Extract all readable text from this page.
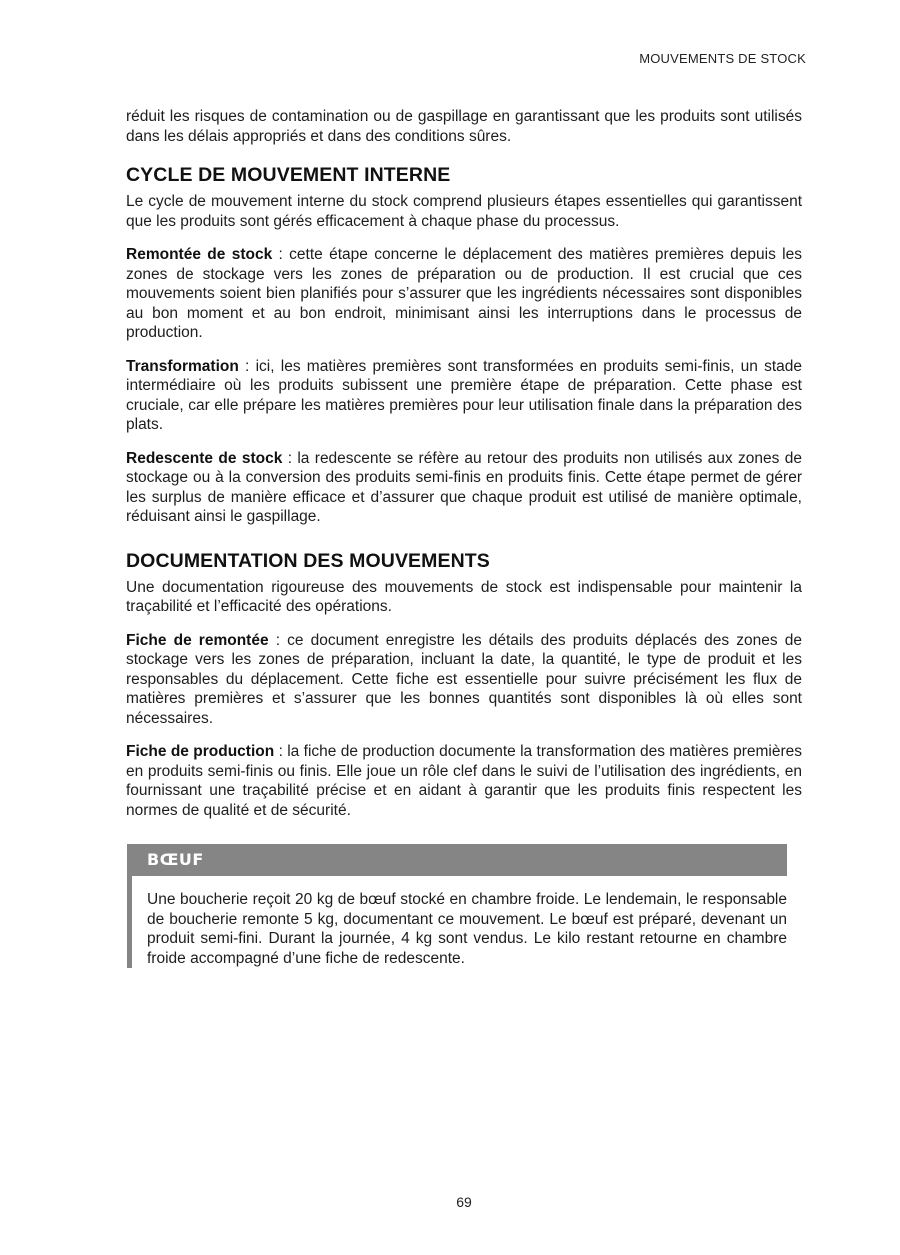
MOUVEMENTS DE STOCK

réduit les risques de contamination ou de gaspillage en garantissant que les produits sont utilisés dans les délais appropriés et dans des conditions sûres.

CYCLE DE MOUVEMENT INTERNE

Le cycle de mouvement interne du stock comprend plusieurs étapes essentielles qui garantissent que les produits sont gérés efficacement à chaque phase du processus.

Remontée de stock : cette étape concerne le déplacement des matières premières depuis les zones de stockage vers les zones de préparation ou de production. Il est crucial que ces mouvements soient bien planifiés pour s’assurer que les ingrédients nécessaires sont disponibles au bon moment et au bon endroit, minimisant ainsi les interruptions dans le processus de production.

Transformation : ici, les matières premières sont transformées en produits semi-finis, un stade intermédiaire où les produits subissent une première étape de préparation. Cette phase est cruciale, car elle prépare les matières premières pour leur utilisation finale dans la préparation des plats.

Redescente de stock : la redescente se réfère au retour des produits non utilisés aux zones de stockage ou à la conversion des produits semi-finis en produits finis. Cette étape permet de gérer les surplus de manière efficace et d’assurer que chaque produit est utilisé de manière optimale, réduisant ainsi le gaspillage.

DOCUMENTATION DES MOUVEMENTS

Une documentation rigoureuse des mouvements de stock est indispensable pour maintenir la traçabilité et l’efficacité des opérations.

Fiche de remontée : ce document enregistre les détails des produits déplacés des zones de stockage vers les zones de préparation, incluant la date, la quantité, le type de produit et les responsables du déplacement. Cette fiche est essentielle pour suivre précisément les flux de matières premières et s’assurer que les bonnes quantités sont disponibles là où elles sont nécessaires.

Fiche de production : la fiche de production documente la transformation des matières premières en produits semi-finis ou finis. Elle joue un rôle clef dans le suivi de l’utilisation des ingrédients, en fournissant une traçabilité précise et en aidant à garantir que les produits finis respectent les normes de qualité et de sécurité.

BŒUF

Une boucherie reçoit 20 kg de bœuf stocké en chambre froide. Le lendemain, le responsable de boucherie remonte 5 kg, documentant ce mouvement. Le bœuf est préparé, devenant un produit semi-fini. Durant la journée, 4 kg sont vendus. Le kilo restant retourne en chambre froide accompagné d’une fiche de redescente.

69
